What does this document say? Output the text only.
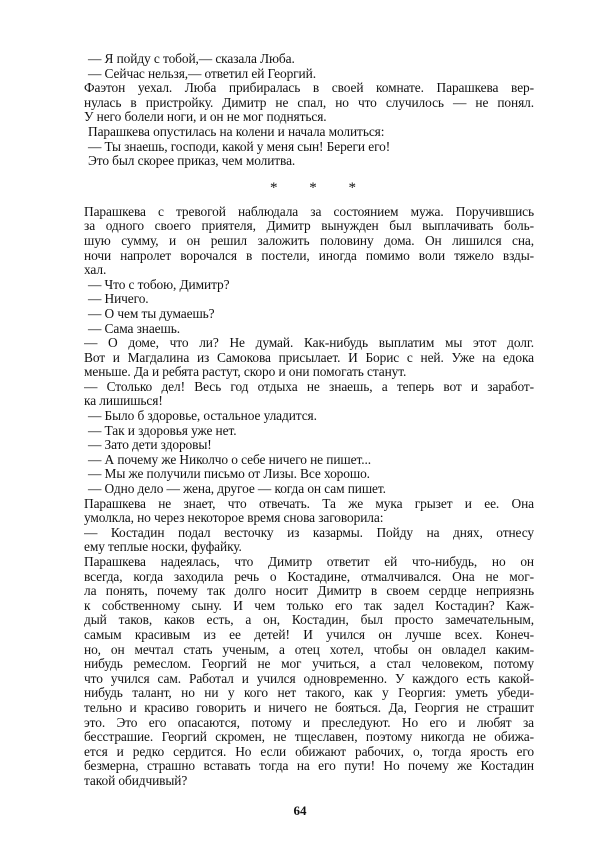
— Я пойду с тобой,— сказала Люба.
— Сейчас нельзя,— ответил ей Георгий.
Фаэтон уехал. Люба прибиралась в своей комнате. Парашкева вер-
нулась в пристройку. Димитр не спал, но что случилось — не понял.
У него болели ноги, и он не мог подняться.
Парашкева опустилась на колени и начала молиться:
— Ты знаешь, господи, какой у меня сын! Береги его!
Это был скорее приказ, чем молитва.
* * *
Парашкева с тревогой наблюдала за состоянием мужа. Поручившись
за одного своего приятеля, Димитр вынужден был выплачивать боль-
шую сумму, и он решил заложить половину дома. Он лишился сна,
ночи напролет ворочался в постели, иногда помимо воли тяжело взды-
хал.
— Что с тобою, Димитр?
— Ничего.
— О чем ты думаешь?
— Сама знаешь.
— О доме, что ли? Не думай. Как-нибудь выплатим мы этот долг.
Вот и Магдалина из Самокова присылает. И Борис с ней. Уже на едока
меньше. Да и ребята растут, скоро и они помогать станут.
— Столько дел! Весь год отдыха не знаешь, а теперь вот и заработ-
ка лишишься!
— Было б здоровье, остальное уладится.
— Так и здоровья уже нет.
— Зато дети здоровы!
— А почему же Николчо о себе ничего не пишет...
— Мы же получили письмо от Лизы. Все хорошо.
— Одно дело — жена, другое — когда он сам пишет.
Парашкева не знает, что отвечать. Та же мука грызет и ее. Она
умолкла, но через некоторое время снова заговорила:
— Костадин подал весточку из казармы. Пойду на днях, отнесу
ему теплые носки, фуфайку.
Парашкева надеялась, что Димитр ответит ей что-нибудь, но он
всегда, когда заходила речь о Костадине, отмалчивался. Она не мог-
ла понять, почему так долго носит Димитр в своем сердце неприязнь
к собственному сыну. И чем только его так задел Костадин? Каж-
дый таков, каков есть, а он, Костадин, был просто замечательным,
самым красивым из ее детей! И учился он лучше всех. Конеч-
но, он мечтал стать ученым, а отец хотел, чтобы он овладел каким-
нибудь ремеслом. Георгий не мог учиться, а стал человеком, потому
что учился сам. Работал и учился одновременно. У каждого есть какой-
нибудь талант, но ни у кого нет такого, как у Георгия: уметь убеди-
тельно и красиво говорить и ничего не бояться. Да, Георгия не страшит
это. Это его опасаются, потому и преследуют. Но его и любят за
бесстрашие. Георгий скромен, не тщеславен, поэтому никогда не обижа-
ется и редко сердится. Но если обижают рабочих, о, тогда ярость его
безмерна, страшно вставать тогда на его пути! Но почему же Костадин
такой обидчивый?
64
